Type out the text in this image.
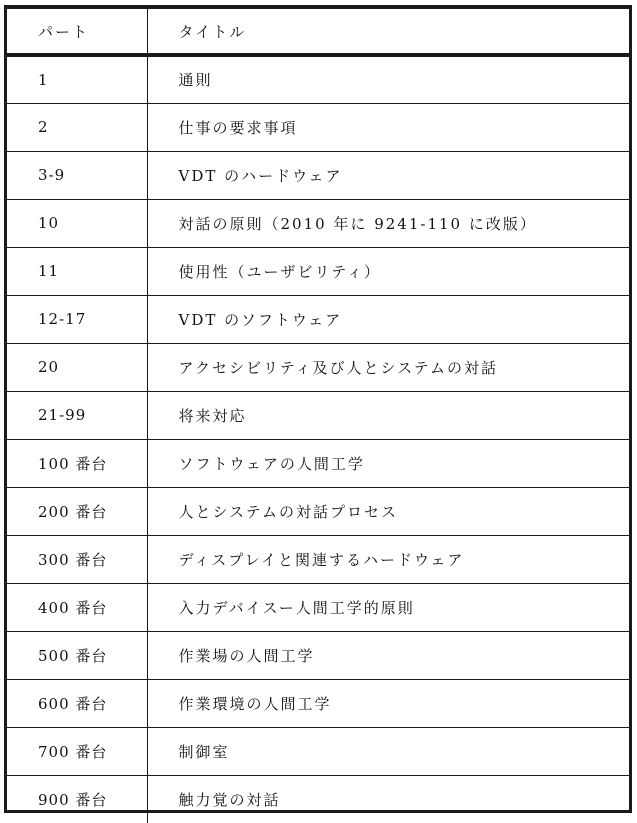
パート	タイトル
1	通則
2	仕事の要求事項
3-9	VDT のハードウェア
10	対話の原則（2010 年に 9241-110 に改版）
11	使用性（ユーザビリティ）
12-17	VDT のソフトウェア
20	アクセシビリティ及び人とシステムの対話
21-99	将来対応
100 番台	ソフトウェアの人間工学
200 番台	人とシステムの対話プロセス
300 番台	ディスプレイと関連するハードウェア
400 番台	入力デバイスー人間工学的原則
500 番台	作業場の人間工学
600 番台	作業環境の人間工学
700 番台	制御室
900 番台	触力覚の対話
